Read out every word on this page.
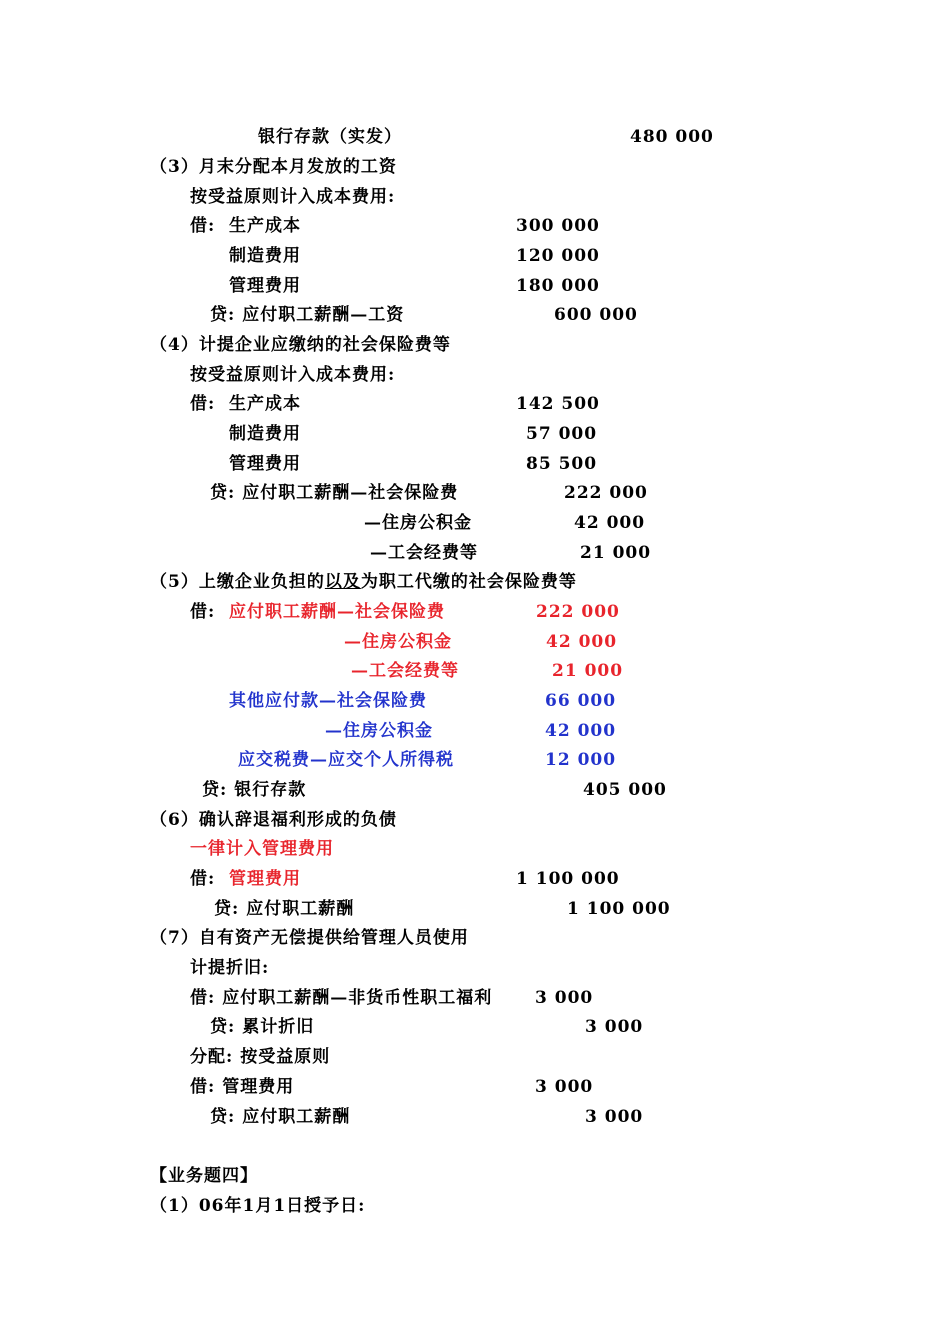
银行存款（实发）	480 000
（3）月末分配本月发放的工资
按受益原则计入成本费用:
借: 生产成本	300 000
制造费用	120 000
管理费用	180 000
贷: 应付职工薪酬—工资	600 000
（4）计提企业应缴纳的社会保险费等
按受益原则计入成本费用:
借: 生产成本	142 500
制造费用	57 000
管理费用	85 500
贷: 应付职工薪酬—社会保险费	222 000
—住房公积金	42 000
—工会经费等	21 000
（5）上缴企业负担的以及为职工代缴的社会保险费等
借: 应付职工薪酬—社会保险费	222 000
—住房公积金	42 000
—工会经费等	21 000
其他应付款—社会保险费	66 000
—住房公积金	42 000
应交税费—应交个人所得税	12 000
贷: 银行存款	405 000
（6）确认辞退福利形成的负债
一律计入管理费用
借: 管理费用	1 100 000
贷: 应付职工薪酬	1 100 000
（7）自有资产无偿提供给管理人员使用
计提折旧:
借: 应付职工薪酬—非货币性职工福利	3 000
贷: 累计折旧	3 000
分配: 按受益原则
借: 管理费用	3 000
贷: 应付职工薪酬	3 000
【业务题四】
（1）06年1月1日授予日:
